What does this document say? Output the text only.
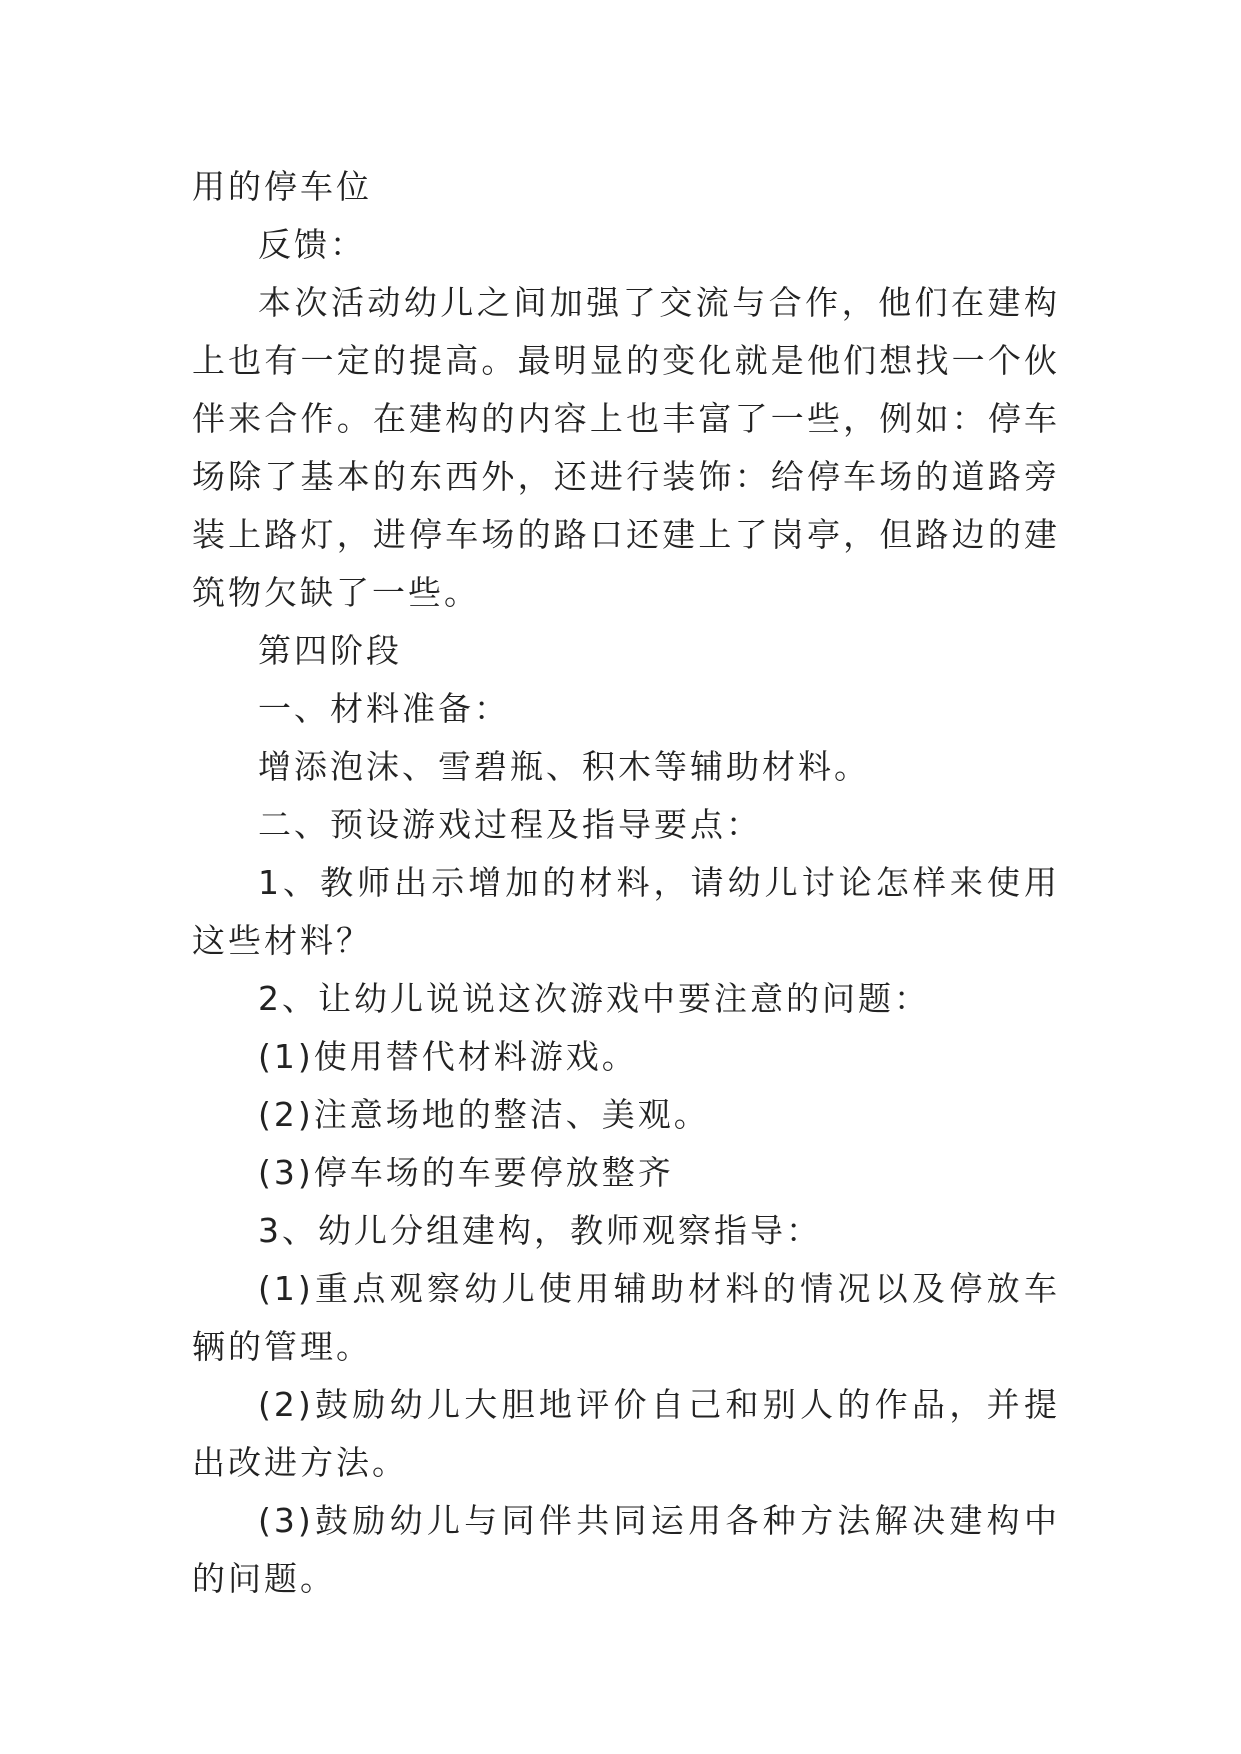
用的停车位

反馈：

本次活动幼儿之间加强了交流与合作，他们在建构上也有一定的提高。最明显的变化就是他们想找一个伙伴来合作。在建构的内容上也丰富了一些，例如：停车场除了基本的东西外，还进行装饰：给停车场的道路旁装上路灯，进停车场的路口还建上了岗亭，但路边的建筑物欠缺了一些。

第四阶段

一、材料准备：

增添泡沫、雪碧瓶、积木等辅助材料。

二、预设游戏过程及指导要点：

1、教师出示增加的材料，请幼儿讨论怎样来使用这些材料？

2、让幼儿说说这次游戏中要注意的问题：

(1)使用替代材料游戏。

(2)注意场地的整洁、美观。

(3)停车场的车要停放整齐

3、幼儿分组建构，教师观察指导：

(1)重点观察幼儿使用辅助材料的情况以及停放车辆的管理。

(2)鼓励幼儿大胆地评价自己和别人的作品，并提出改进方法。

(3)鼓励幼儿与同伴共同运用各种方法解决建构中的问题。
